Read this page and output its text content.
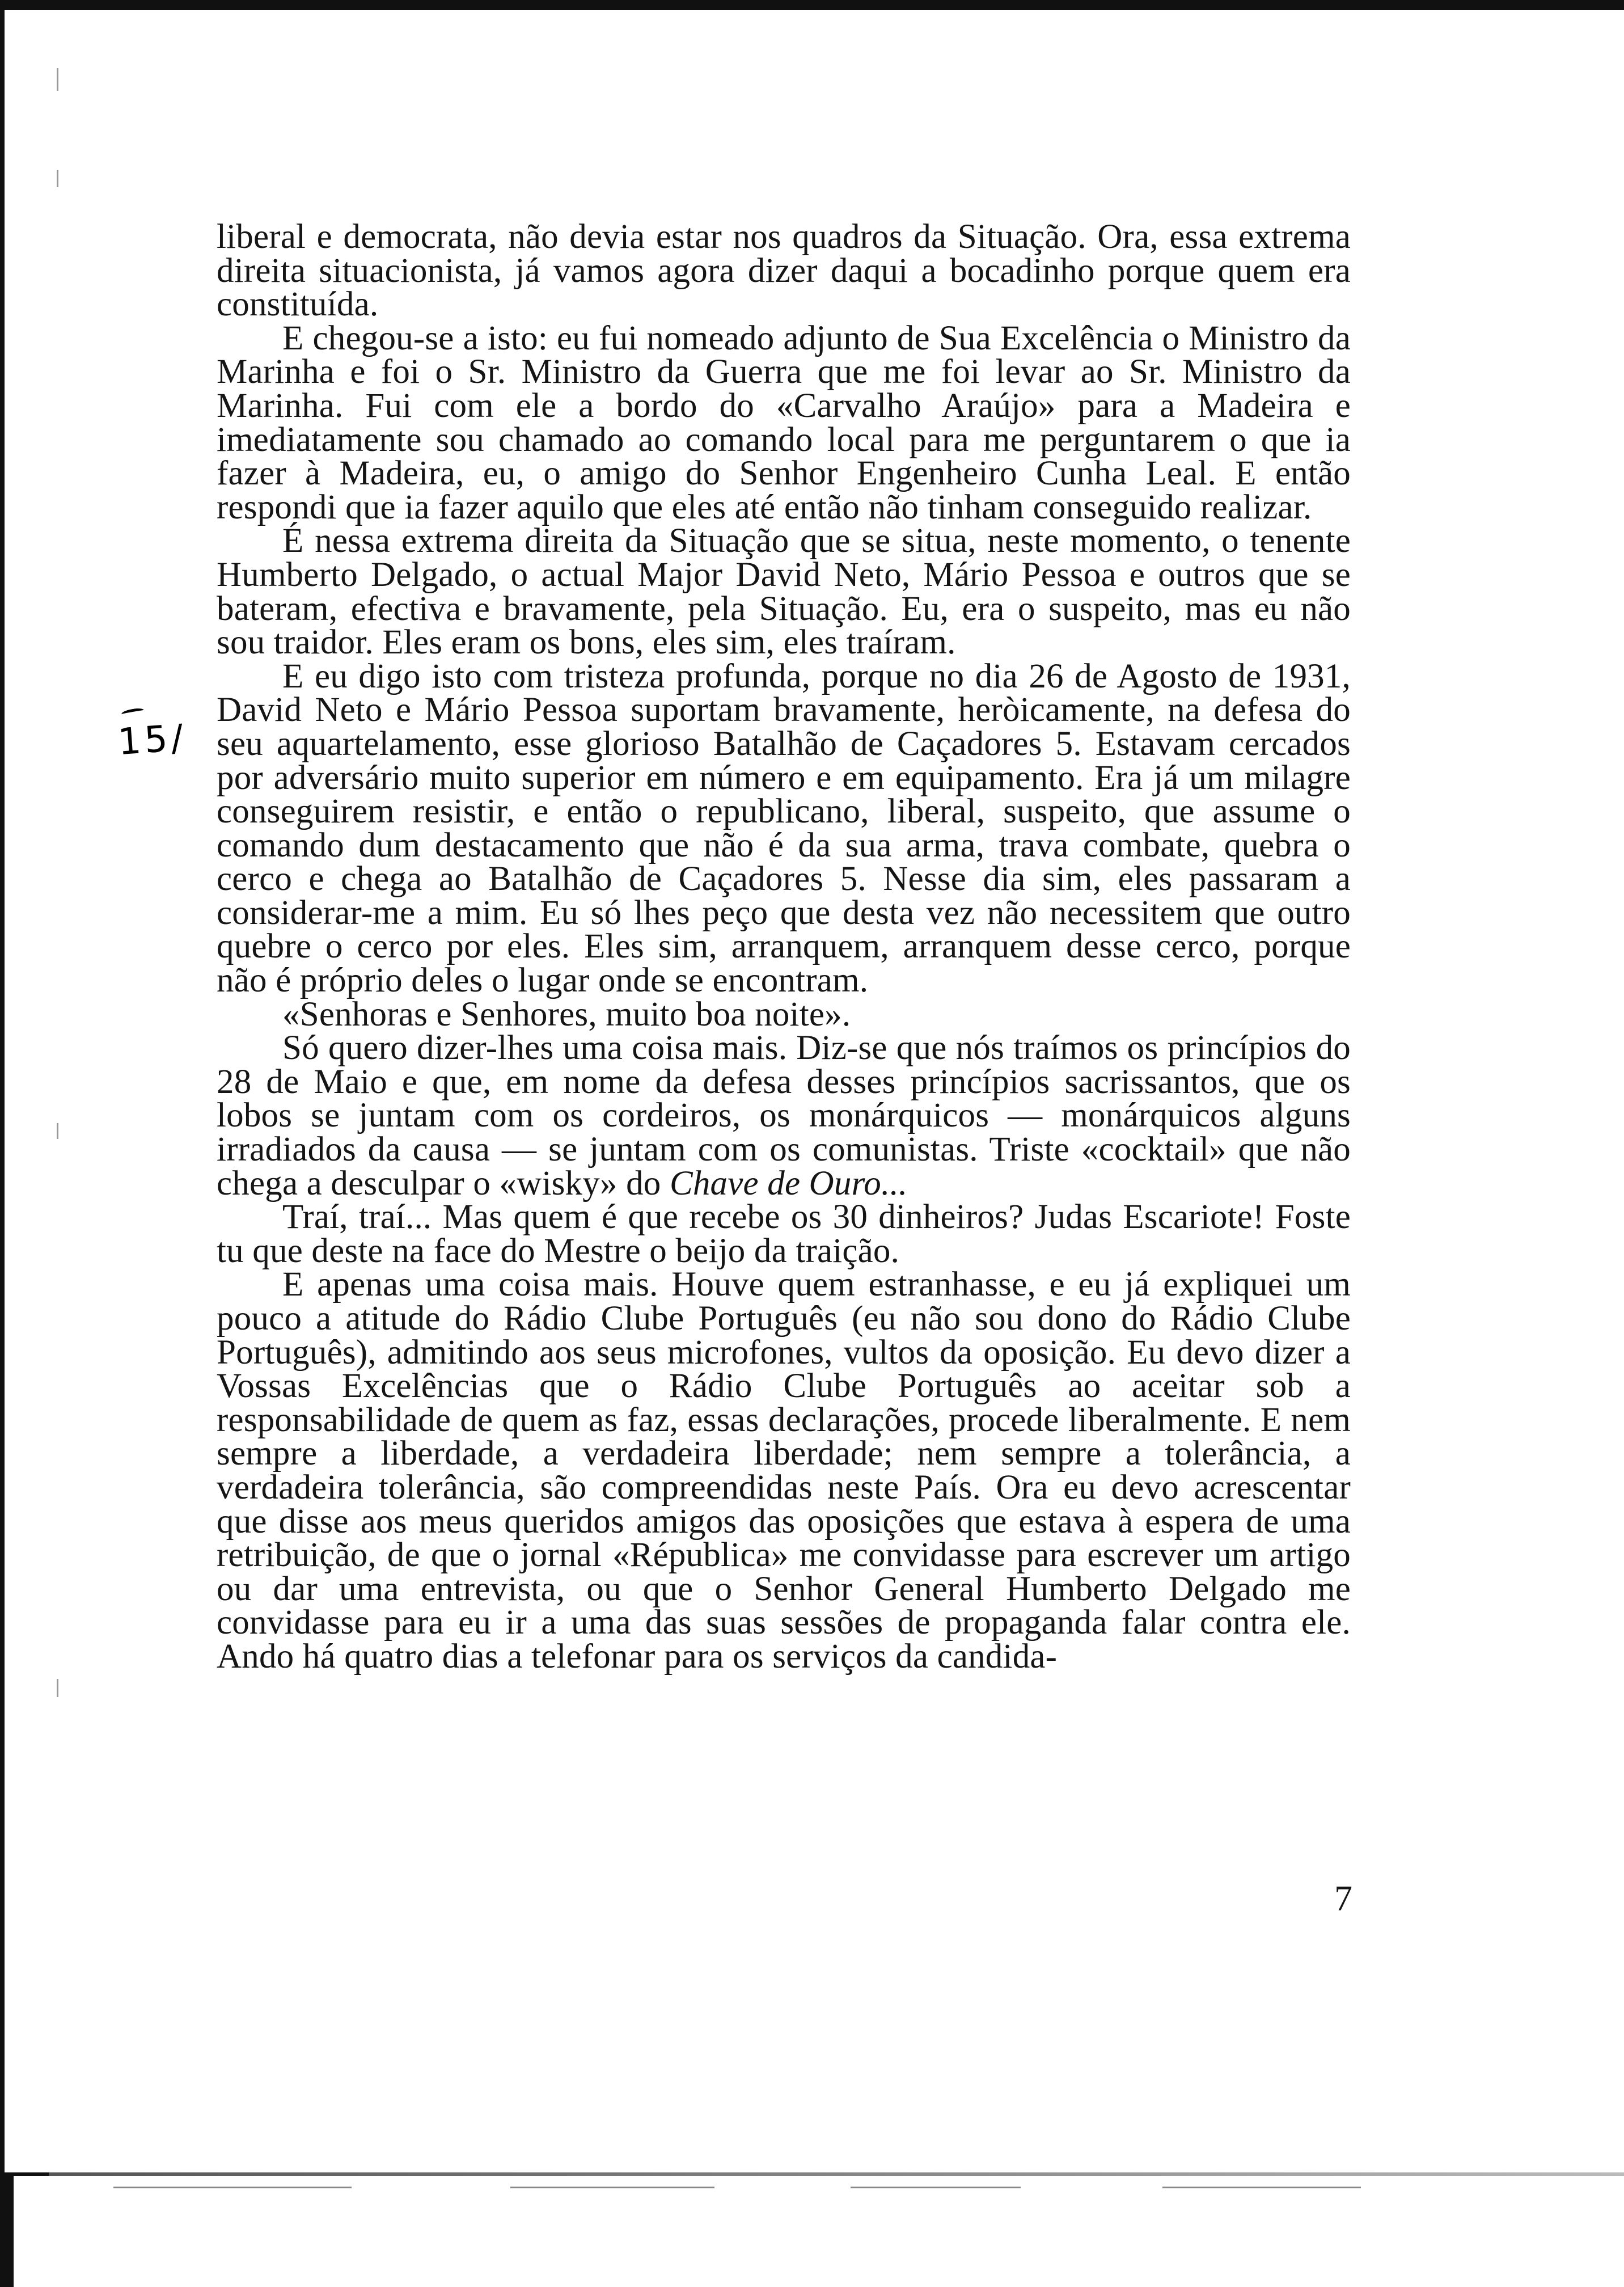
15/

liberal e democrata, não devia estar nos quadros da Situação. Ora, essa extrema direita situacionista, já vamos agora dizer daqui a bocadinho porque quem era constituída.

E chegou-se a isto: eu fui nomeado adjunto de Sua Excelência o Ministro da Marinha e foi o Sr. Ministro da Guerra que me foi levar ao Sr. Ministro da Marinha. Fui com ele a bordo do «Carvalho Araújo» para a Madeira e imediatamente sou chamado ao comando local para me perguntarem o que ia fazer à Madeira, eu, o amigo do Senhor Engenheiro Cunha Leal. E então respondi que ia fazer aquilo que eles até então não tinham conseguido realizar.

É nessa extrema direita da Situação que se situa, neste momento, o tenente Humberto Delgado, o actual Major David Neto, Mário Pessoa e outros que se bateram, efectiva e bravamente, pela Situação. Eu, era o suspeito, mas eu não sou traidor. Eles eram os bons, eles sim, eles traíram.

E eu digo isto com tristeza profunda, porque no dia 26 de Agosto de 1931, David Neto e Mário Pessoa suportam bravamente, heròicamente, na defesa do seu aquartelamento, esse glorioso Batalhão de Caçadores 5. Estavam cercados por adversário muito superior em número e em equipamento. Era já um milagre conseguirem resistir, e então o republicano, liberal, suspeito, que assume o comando dum destacamento que não é da sua arma, trava combate, quebra o cerco e chega ao Batalhão de Caçadores 5. Nesse dia sim, eles passaram a considerar-me a mim. Eu só lhes peço que desta vez não necessitem que outro quebre o cerco por eles. Eles sim, arranquem, arranquem desse cerco, porque não é próprio deles o lugar onde se encontram.

«Senhoras e Senhores, muito boa noite».

Só quero dizer-lhes uma coisa mais. Diz-se que nós traímos os princípios do 28 de Maio e que, em nome da defesa desses princípios sacrissantos, que os lobos se juntam com os cordeiros, os monárquicos — monárquicos alguns irradiados da causa — se juntam com os comunistas. Triste «cocktail» que não chega a desculpar o «wisky» do Chave de Ouro...

Traí, traí... Mas quem é que recebe os 30 dinheiros? Judas Escariote! Foste tu que deste na face do Mestre o beijo da traição.

E apenas uma coisa mais. Houve quem estranhasse, e eu já expliquei um pouco a atitude do Rádio Clube Português (eu não sou dono do Rádio Clube Português), admitindo aos seus microfones, vultos da oposição. Eu devo dizer a Vossas Excelências que o Rádio Clube Português ao aceitar sob a responsabilidade de quem as faz, essas declarações, procede liberalmente. E nem sempre a liberdade, a verdadeira liberdade; nem sempre a tolerância, a verdadeira tolerância, são compreendidas neste País. Ora eu devo acrescentar que disse aos meus queridos amigos das oposições que estava à espera de uma retribuição, de que o jornal «Républica» me convidasse para escrever um artigo ou dar uma entrevista, ou que o Senhor General Humberto Delgado me convidasse para eu ir a uma das suas sessões de propaganda falar contra ele. Ando há quatro dias a telefonar para os serviços da candida-

7
